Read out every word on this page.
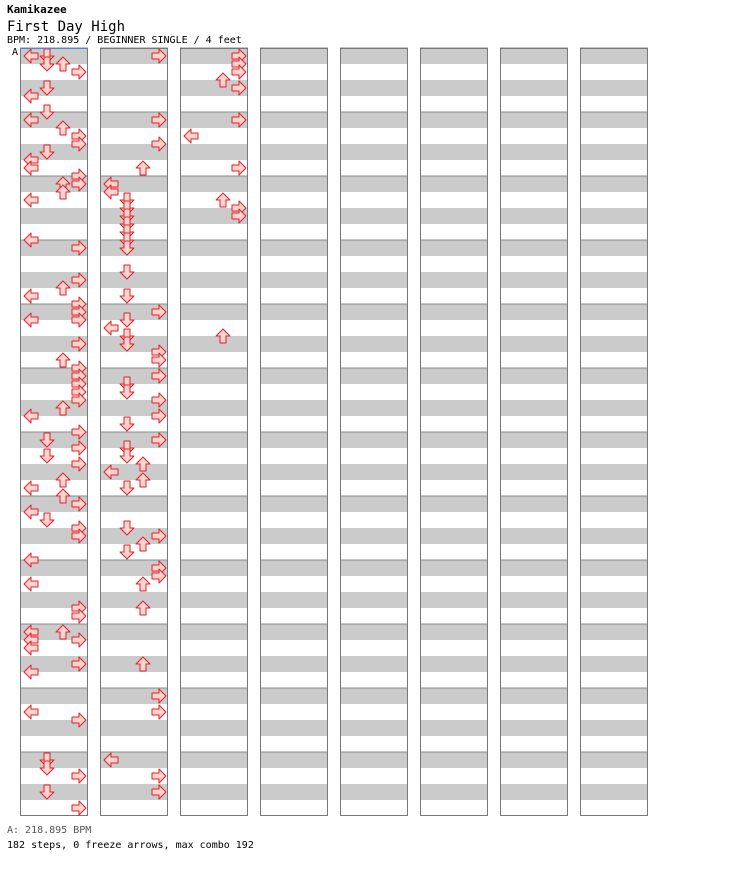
Kamikazee
First Day High
BPM: 218.895 / BEGINNER SINGLE / 4 feet
A
A: 218.895 BPM
182 steps, 0 freeze arrows, max combo 192
